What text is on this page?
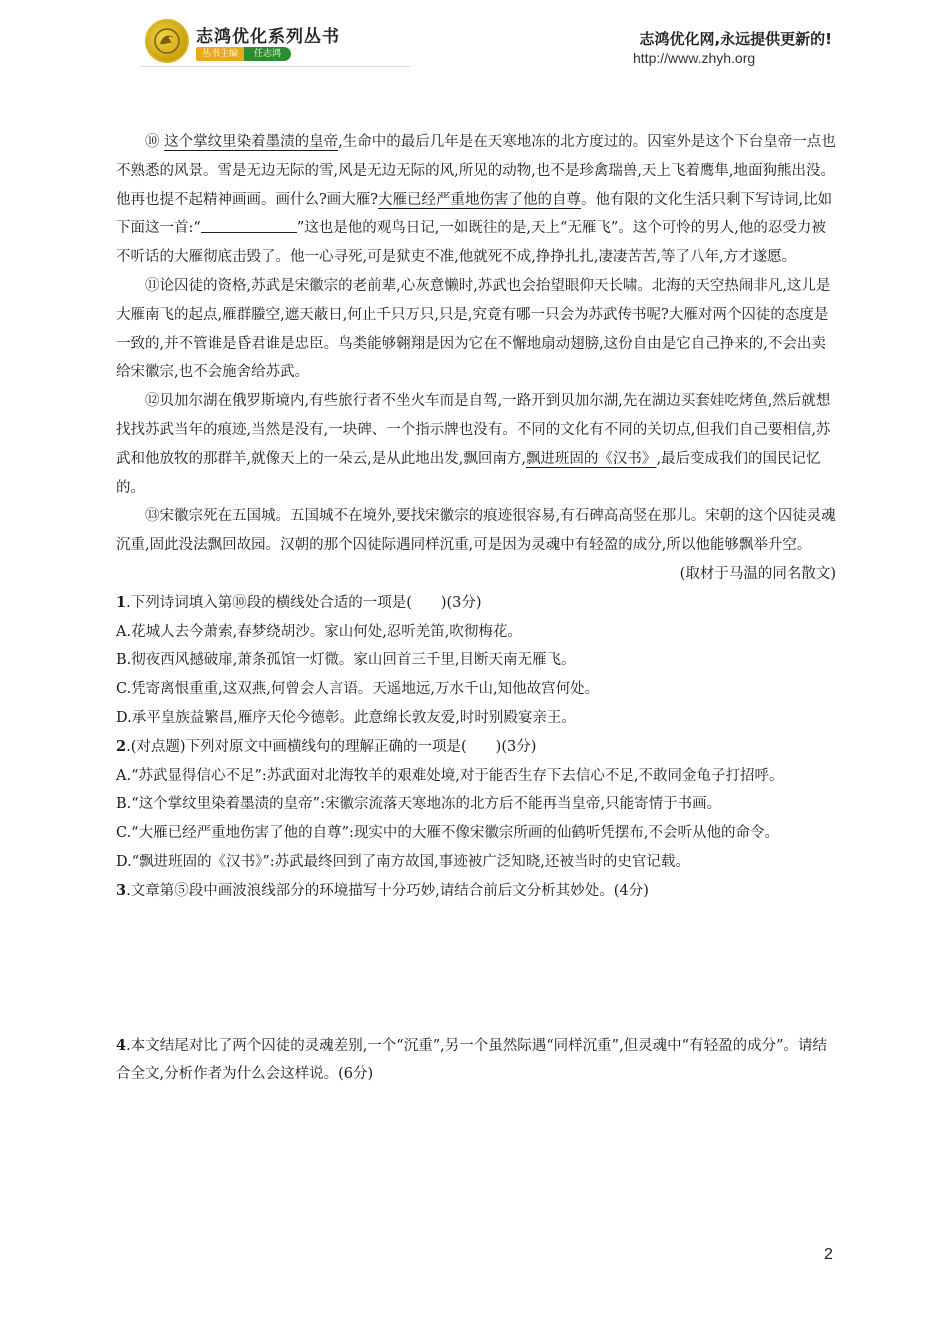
志鸿优化系列丛书
丛书主编	任志鸿
志鸿优化网,永远提供更新的!
http://www.zhyh.org

⑩ 这个掌纹里染着墨渍的皇帝,生命中的最后几年是在天寒地冻的北方度过的。囚室外是这个下台皇帝一点也不熟悉的风景。雪是无边无际的雪,风是无边无际的风,所见的动物,也不是珍禽瑞兽,天上飞着鹰隼,地面狗熊出没。他再也提不起精神画画。画什么?画大雁?大雁已经严重地伤害了他的自尊。他有限的文化生活只剩下写诗词,比如下面这一首:“	”这也是他的观鸟日记,一如既往的是,天上“无雁飞”。这个可怜的男人,他的忍受力被不听话的大雁彻底击毁了。他一心寻死,可是狱吏不准,他就死不成,挣挣扎扎,凄凄苦苦,等了八年,方才遂愿。

⑪论囚徒的资格,苏武是宋徽宗的老前辈,心灰意懒时,苏武也会抬望眼仰天长啸。北海的天空热闹非凡,这儿是大雁南飞的起点,雁群螣空,遮天蔽日,何止千只万只,只是,究竟有哪一只会为苏武传书呢?大雁对两个囚徒的态度是一致的,并不管谁是昏君谁是忠臣。鸟类能够翱翔是因为它在不懈地扇动翅膀,这份自由是它自己挣来的,不会出卖给宋徽宗,也不会施舍给苏武。

⑫贝加尔湖在俄罗斯境内,有些旅行者不坐火车而是自驾,一路开到贝加尔湖,先在湖边买套娃吃烤鱼,然后就想找找苏武当年的痕迹,当然是没有,一块碑、一个指示牌也没有。不同的文化有不同的关切点,但我们自己要相信,苏武和他放牧的那群羊,就像天上的一朵云,是从此地出发,飘回南方,飘进班固的《汉书》,最后变成我们的国民记忆的。

⑬宋徽宗死在五国城。五国城不在境外,要找宋徽宗的痕迹很容易,有石碑高高竖在那儿。宋朝的这个囚徒灵魂沉重,固此没法飘回故园。汉朝的那个囚徒际遇同样沉重,可是因为灵魂中有轻盈的成分,所以他能够飘举升空。

(取材于马温的同名散文)

1.下列诗词填入第⑩段的横线处合适的一项是(　　)(3分)

A.花城人去今萧索,春梦绕胡沙。家山何处,忍听羌笛,吹彻梅花。

B.彻夜西风撼破扉,萧条孤馆一灯微。家山回首三千里,目断天南无雁飞。

C.凭寄离恨重重,这双燕,何曾会人言语。天遥地远,万水千山,知他故宫何处。

D.承平皇族益繁昌,雁序天伦今德彰。此意绵长敦友爱,时时别殿宴亲王。

2.(对点题)下列对原文中画横线句的理解正确的一项是(　　)(3分)

A.“苏武显得信心不足”:苏武面对北海牧羊的艰难处境,对于能否生存下去信心不足,不敢同金龟子打招呼。

B.“这个掌纹里染着墨渍的皇帝”:宋徽宗流落天寒地冻的北方后不能再当皇帝,只能寄情于书画。

C.“大雁已经严重地伤害了他的自尊”:现实中的大雁不像宋徽宗所画的仙鹤听凭摆布,不会听从他的命令。

D.“飘进班固的《汉书》”:苏武最终回到了南方故国,事迹被广泛知晓,还被当时的史官记载。

3.文章第⑤段中画波浪线部分的环境描写十分巧妙,请结合前后文分析其妙处。(4分)

4.本文结尾对比了两个囚徒的灵魂差别,一个“沉重”,另一个虽然际遇“同样沉重”,但灵魂中“有轻盈的成分”。请结合全文,分析作者为什么会这样说。(6分)

2
